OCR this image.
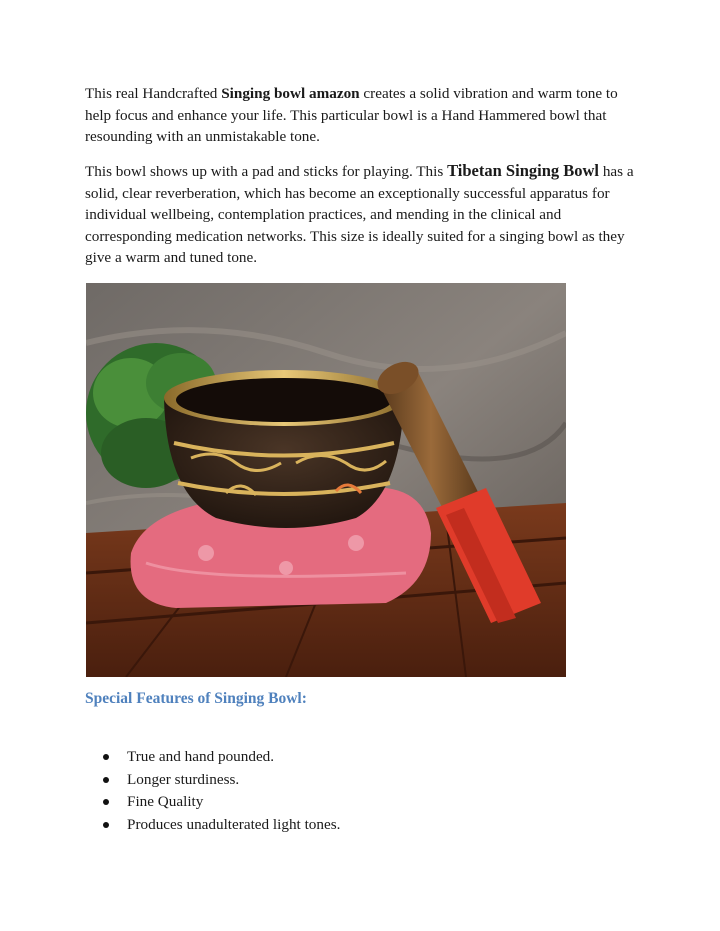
This real Handcrafted Singing bowl amazon creates a solid vibration and warm tone to help focus and enhance your life. This particular bowl is a Hand Hammered bowl that resounding with an unmistakable tone.

This bowl shows up with a pad and sticks for playing. This Tibetan Singing Bowl has a solid, clear reverberation, which has become an exceptionally successful apparatus for individual wellbeing, contemplation practices, and mending in the clinical and corresponding medication networks. This size is ideally suited for a singing bowl as they give a warm and tuned tone.

Special Features of Singing Bowl:
True and hand pounded.
Longer sturdiness.
Fine Quality
Produces unadulterated light tones.
